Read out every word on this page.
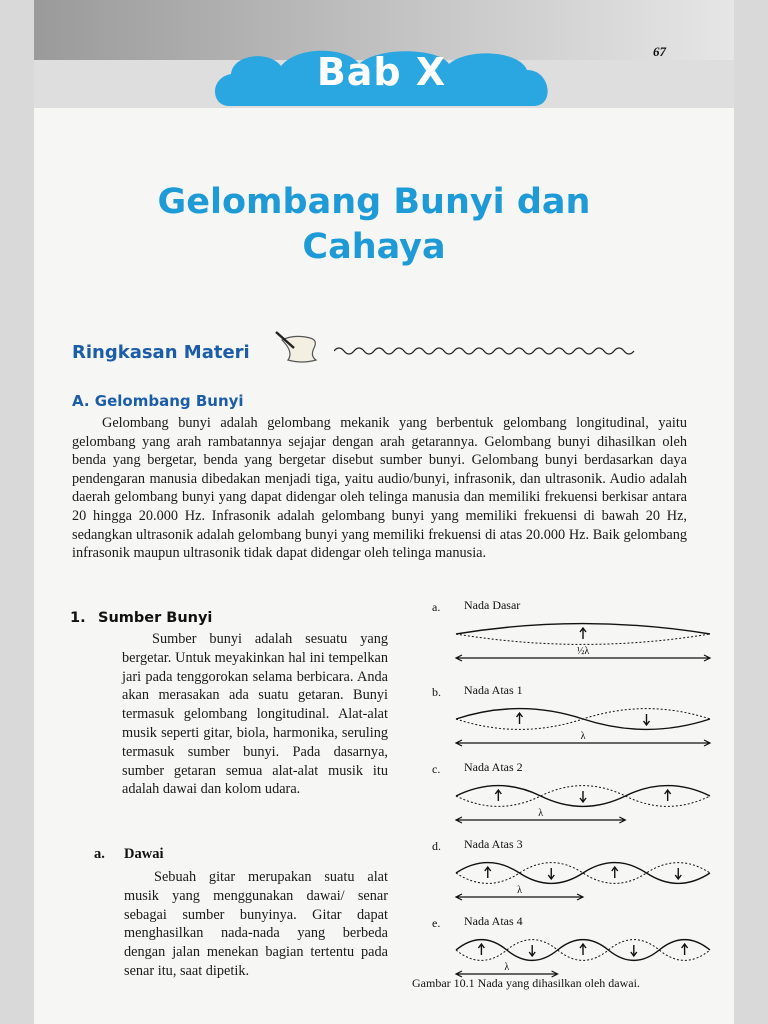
67
Bab X
Gelombang Bunyi dan
Cahaya
Ringkasan Materi
A. Gelombang Bunyi
Gelombang bunyi adalah gelombang mekanik yang berbentuk gelombang longitudinal, yaitu gelombang yang arah rambatannya sejajar dengan arah getarannya. Gelombang bunyi dihasilkan oleh benda yang bergetar, benda yang bergetar disebut sumber bunyi. Gelombang bunyi berdasarkan daya pendengaran manusia dibedakan menjadi tiga, yaitu audio/bunyi, infrasonik, dan ultrasonik. Audio adalah daerah gelombang bunyi yang dapat didengar oleh telinga manusia dan memiliki frekuensi berkisar antara 20 hingga 20.000 Hz. Infrasonik adalah gelombang bunyi yang memiliki frekuensi di bawah 20 Hz, sedangkan ultrasonik adalah gelombang bunyi yang memiliki frekuensi di atas 20.000 Hz. Baik gelombang infrasonik maupun ultrasonik tidak dapat didengar oleh telinga manusia.
1. Sumber Bunyi
Sumber bunyi adalah sesuatu yang bergetar. Untuk meyakinkan hal ini tempelkan jari pada tenggorokan selama berbicara. Anda akan merasakan ada suatu getaran. Bunyi termasuk gelombang longitudinal. Alat-alat musik seperti gitar, biola, harmonika, seruling termasuk sumber bunyi. Pada dasarnya, sumber getaran semua alat-alat musik itu adalah dawai dan kolom udara.
a. Dawai
Sebuah gitar merupakan suatu alat musik yang menggunakan dawai/ senar sebagai sumber bunyinya. Gitar dapat menghasilkan nada-nada yang berbeda dengan jalan menekan bagian tertentu pada senar itu, saat dipetik.
a. Nada Dasar
½λ
b. Nada Atas 1
λ
c. Nada Atas 2
λ
d. Nada Atas 3
λ
e. Nada Atas 4
λ
Gambar 10.1 Nada yang dihasilkan oleh dawai.
